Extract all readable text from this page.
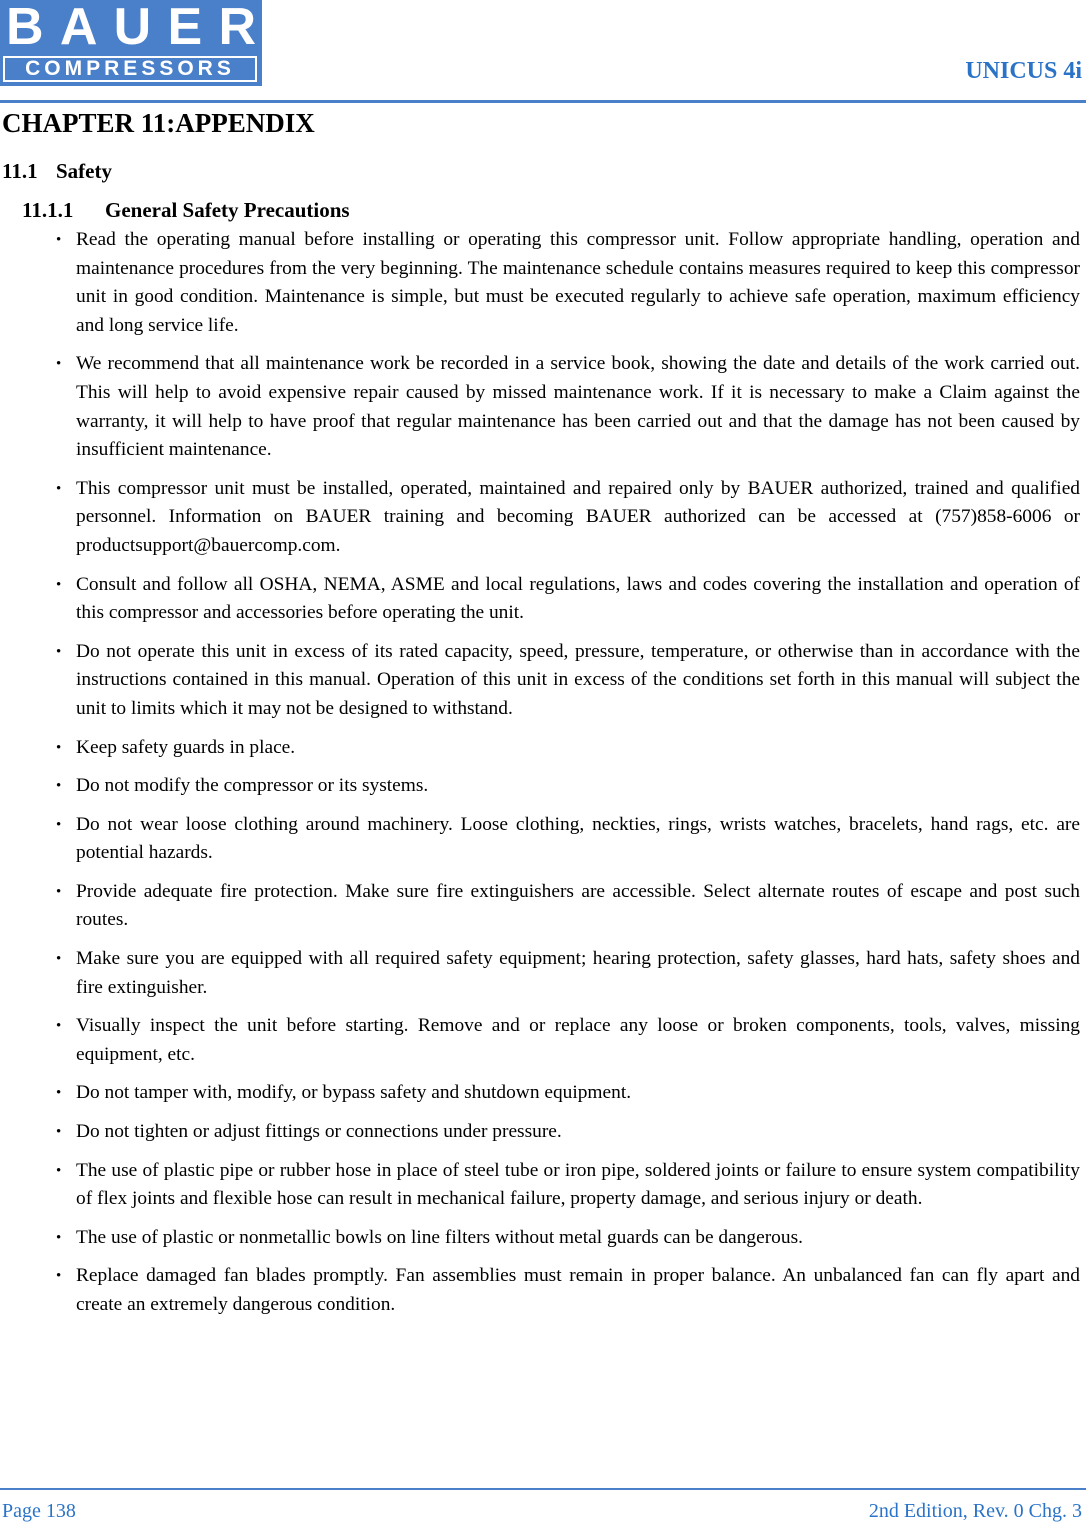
B A U E R
COMPRESSORS	UNICUS 4i
CHAPTER 11:APPENDIX
11.1 Safety
11.1.1 General Safety Precautions
• Read the operating manual before installing or operating this compressor unit. Follow appropriate handling, operation and maintenance procedures from the very beginning. The maintenance schedule contains measures required to keep this compressor unit in good condition. Maintenance is simple, but must be executed regularly to achieve safe operation, maximum efficiency and long service life.
• We recommend that all maintenance work be recorded in a service book, showing the date and details of the work carried out. This will help to avoid expensive repair caused by missed maintenance work. If it is necessary to make a Claim against the warranty, it will help to have proof that regular maintenance has been carried out and that the damage has not been caused by insufficient maintenance.
• This compressor unit must be installed, operated, maintained and repaired only by BAUER authorized, trained and qualified personnel. Information on BAUER training and becoming BAUER authorized can be accessed at (757)858-6006 or productsupport@bauercomp.com.
• Consult and follow all OSHA, NEMA, ASME and local regulations, laws and codes covering the installation and operation of this compressor and accessories before operating the unit.
• Do not operate this unit in excess of its rated capacity, speed, pressure, temperature, or otherwise than in accordance with the instructions contained in this manual. Operation of this unit in excess of the conditions set forth in this manual will subject the unit to limits which it may not be designed to withstand.
• Keep safety guards in place.
• Do not modify the compressor or its systems.
• Do not wear loose clothing around machinery. Loose clothing, neckties, rings, wrists watches, bracelets, hand rags, etc. are potential hazards.
• Provide adequate fire protection. Make sure fire extinguishers are accessible. Select alternate routes of escape and post such routes.
• Make sure you are equipped with all required safety equipment; hearing protection, safety glasses, hard hats, safety shoes and fire extinguisher.
• Visually inspect the unit before starting. Remove and or replace any loose or broken components, tools, valves, missing equipment, etc.
• Do not tamper with, modify, or bypass safety and shutdown equipment.
• Do not tighten or adjust fittings or connections under pressure.
• The use of plastic pipe or rubber hose in place of steel tube or iron pipe, soldered joints or failure to ensure system compatibility of flex joints and flexible hose can result in mechanical failure, property damage, and serious injury or death.
• The use of plastic or nonmetallic bowls on line filters without metal guards can be dangerous.
• Replace damaged fan blades promptly. Fan assemblies must remain in proper balance. An unbalanced fan can fly apart and create an extremely dangerous condition.
Page 138	2nd Edition, Rev. 0 Chg. 3
